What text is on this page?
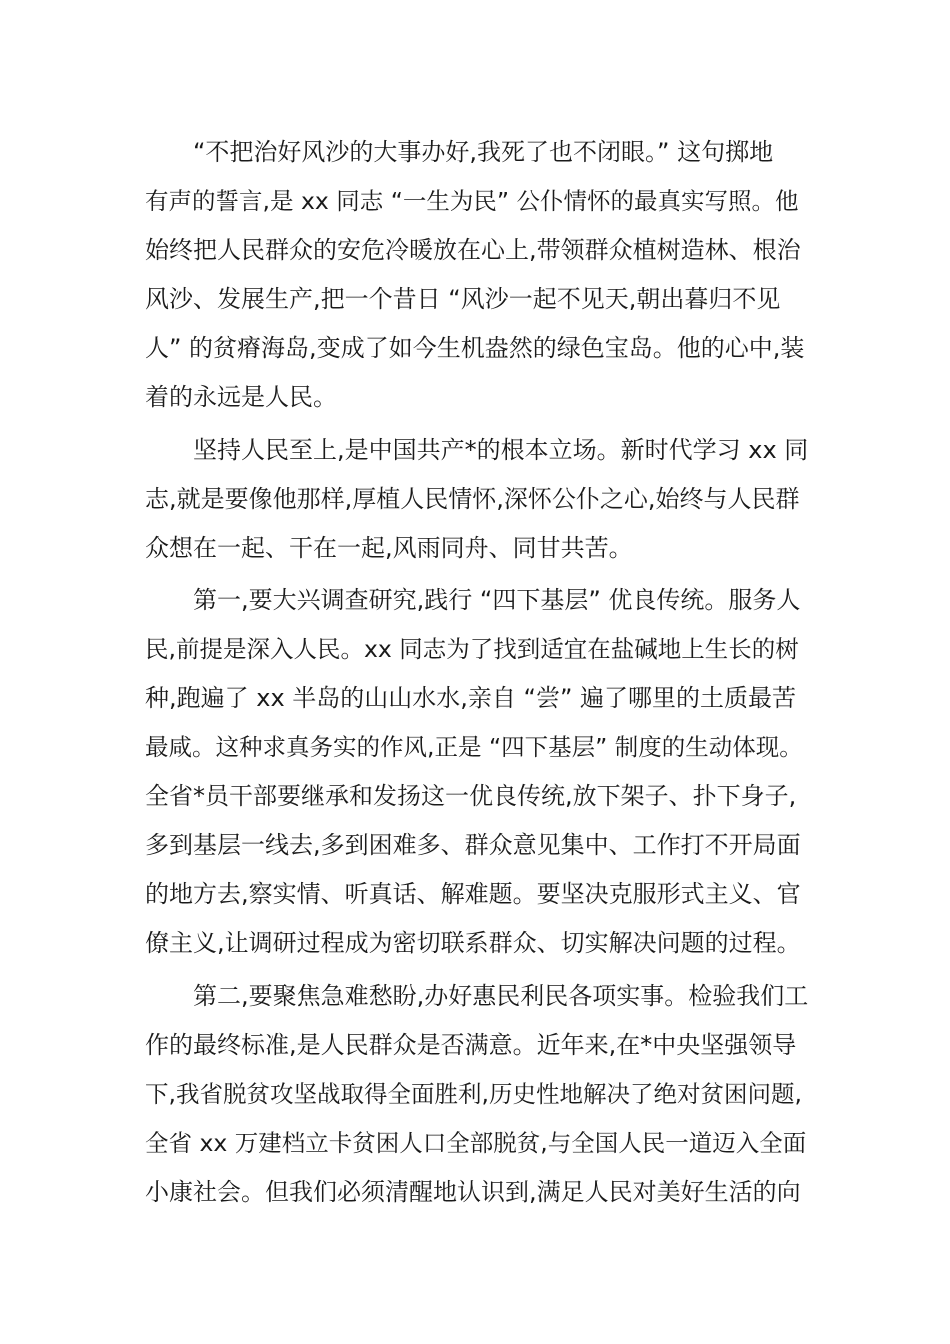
“不把治好风沙的大事办好,我死了也不闭眼。” 这句掷地
有声的誓言,是 xx 同志 “一生为民” 公仆情怀的最真实写照。他
始终把人民群众的安危冷暖放在心上,带领群众植树造林、根治
风沙、发展生产,把一个昔日 “风沙一起不见天,朝出暮归不见
人” 的贫瘠海岛,变成了如今生机盎然的绿色宝岛。他的心中,装
着的永远是人民。
坚持人民至上,是中国共产*的根本立场。新时代学习 xx 同
志,就是要像他那样,厚植人民情怀,深怀公仆之心,始终与人民群
众想在一起、干在一起,风雨同舟、同甘共苦。
第一,要大兴调查研究,践行 “四下基层” 优良传统。服务人
民,前提是深入人民。xx 同志为了找到适宜在盐碱地上生长的树
种,跑遍了 xx 半岛的山山水水,亲自 “尝” 遍了哪里的土质最苦
最咸。这种求真务实的作风,正是 “四下基层” 制度的生动体现。
全省*员干部要继承和发扬这一优良传统,放下架子、扑下身子,
多到基层一线去,多到困难多、群众意见集中、工作打不开局面
的地方去,察实情、听真话、解难题。要坚决克服形式主义、官
僚主义,让调研过程成为密切联系群众、切实解决问题的过程。
第二,要聚焦急难愁盼,办好惠民利民各项实事。检验我们工
作的最终标准,是人民群众是否满意。近年来,在*中央坚强领导
下,我省脱贫攻坚战取得全面胜利,历史性地解决了绝对贫困问题,
全省 xx 万建档立卡贫困人口全部脱贫,与全国人民一道迈入全面
小康社会。但我们必须清醒地认识到,满足人民对美好生活的向
